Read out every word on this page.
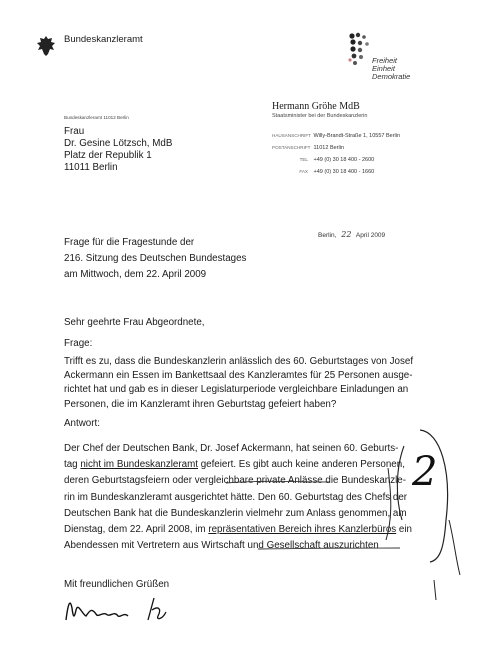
Bundeskanzleramt
Freiheit
Einheit
Demokratie
Bundeskanzleramt 11012 Berlin
Hermann Gröhe MdB
Staatsminister bei der Bundeskanzlerin
Frau
Dr. Gesine Lötzsch, MdB
Platz der Republik 1
11011 Berlin
HAUSANSCHRIFT Willy-Brandt-Straße 1, 10557 Berlin
POSTANSCHRIFT 11012 Berlin
TEL +49 (0) 30 18 400 - 2600
FAX +49 (0) 30 18 400 - 1660
Berlin, 22 April 2009
Frage für die Fragestunde der
216. Sitzung des Deutschen Bundestages
am Mittwoch, dem 22. April 2009
Sehr geehrte Frau Abgeordnete,
Frage:
Trifft es zu, dass die Bundeskanzlerin anlässlich des 60. Geburtstages von Josef
Ackermann ein Essen im Bankettsaal des Kanzleramtes für 25 Personen ausge-
richtet hat und gab es in dieser Legislaturperiode vergleichbare Einladungen an
Personen, die im Kanzleramt ihren Geburtstag gefeiert haben?
Antwort:
Der Chef der Deutschen Bank, Dr. Josef Ackermann, hat seinen 60. Geburts-
tag nicht im Bundeskanzleramt gefeiert. Es gibt auch keine anderen Personen,
deren Geburtstagsfeiern oder vergleichbare private Anlässe die Bundeskanzle-
rin im Bundeskanzleramt ausgerichtet hätte. Den 60. Geburtstag des Chefs der
Deutschen Bank hat die Bundeskanzlerin vielmehr zum Anlass genommen, am
Dienstag, dem 22. April 2008, im repräsentativen Bereich ihres Kanzlerbüros ein
Abendessen mit Vertretern aus Wirtschaft und Gesellschaft auszurichten
Mit freundlichen Grüßen
2
